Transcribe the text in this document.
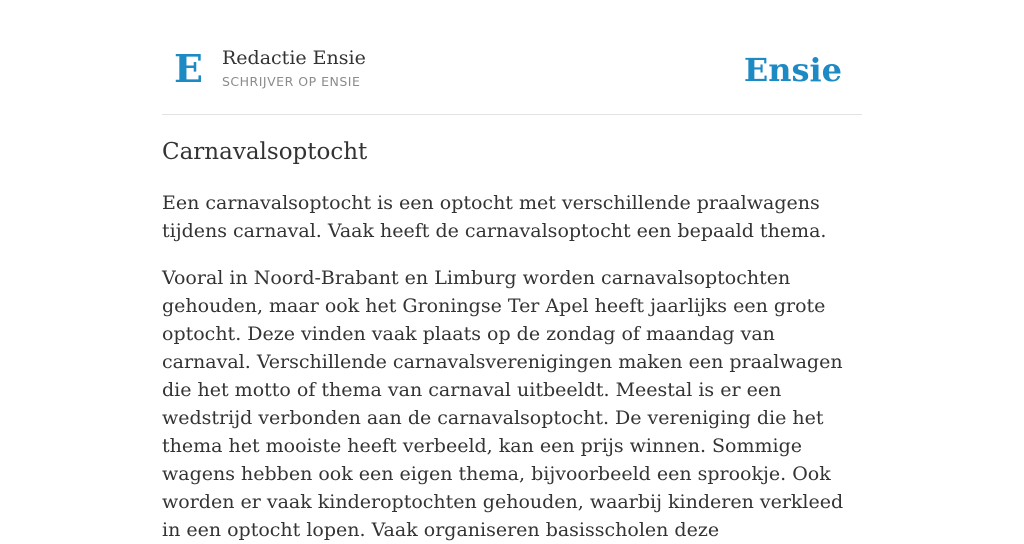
E Redactie Ensie
SCHRIJVER OP ENSIE	Ensie
Carnavalsoptocht

Een carnavalsoptocht is een optocht met verschillende praalwagens tijdens carnaval. Vaak heeft de carnavalsoptocht een bepaald thema.

Vooral in Noord-Brabant en Limburg worden carnavalsoptochten gehouden, maar ook het Groningse Ter Apel heeft jaarlijks een grote optocht. Deze vinden vaak plaats op de zondag of maandag van carnaval. Verschillende carnavalsverenigingen maken een praalwagen die het motto of thema van carnaval uitbeeldt. Meestal is er een wedstrijd verbonden aan de carnavalsoptocht. De vereniging die het thema het mooiste heeft verbeeld, kan een prijs winnen. Sommige wagens hebben ook een eigen thema, bijvoorbeeld een sprookje. Ook worden er vaak kinderoptochten gehouden, waarbij kinderen verkleed in een optocht lopen. Vaak organiseren basisscholen deze
